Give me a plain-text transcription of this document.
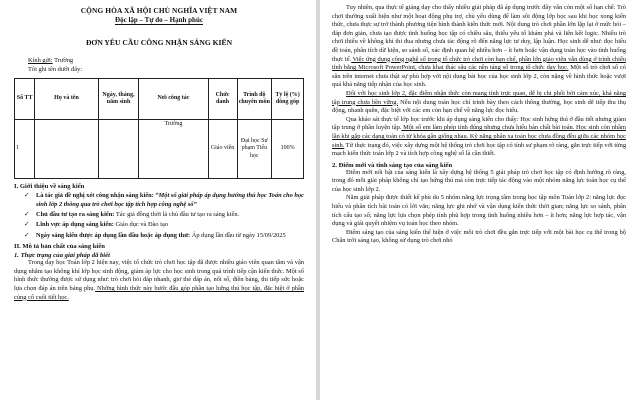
CỘNG HÒA XÃ HỘI CHỦ NGHĨA VIỆT NAM
Độc lập – Tự do – Hạnh phúc
ĐƠN YÊU CẦU CÔNG NHẬN SÁNG KIẾN

Kính gửi: Trường

Tôi ghi tên dưới đây:

Số TT	Họ và tên	Ngày, tháng, năm sinh	Nơi công tác	Chức danh	Trình độ chuyên môn	Tỷ lệ (%) đóng góp
1			Trường	Giáo viên	Đại học Sư phạm Tiểu học	100%
I. Giới thiệu về sáng kiến
✓ Là tác giả đề nghị xét công nhận sáng kiến: “Một số giải pháp áp dụng hướng thú học Toán cho học sinh lớp 2 thông qua trò chơi học tập tích hợp công nghệ số”
✓ Chủ đầu tư tạo ra sáng kiến: Tác giả đồng thời là chủ đầu tư tạo ra sáng kiến.
✓ Lĩnh vực áp dụng sáng kiến: Giáo dục và Đào tạo
✓ Ngày sáng kiến được áp dụng lần đầu hoặc áp dụng thử: Áp dụng lần đầu từ ngày 15/09/2025
II. Mô tả bản chất của sáng kiến
1. Thực trạng của giải pháp đã biết

Trong dạy học Toán lớp 2 hiện nay, việc tổ chức trò chơi học tập đã được nhiều giáo viên quan tâm và vận dụng nhằm tạo không khí lớp học sinh động, giảm áp lực cho học sinh trong quá trình tiếp cận kiến thức. Một số hình thức thường được sử dụng như: trò chơi hỏi đáp nhanh, giơ thẻ đáp án, nối số, điền bảng, thi tiếp sức hoặc lựa chọn đáp án trên bảng phụ. Những hình thức này bước đầu góp phần tạo hứng thú học tập, đặc biệt ở phần củng cố cuối tiết học.

Tuy nhiên, qua thực tế giảng dạy cho thấy nhiều giải pháp đã áp dụng trước đây vẫn còn một số hạn chế: Trò chơi thường xuất hiện như một hoạt động phụ trợ, chủ yếu dùng để làm sôi động lớp học sau khi học xong kiến thức, chưa thực sự trở thành phương tiện hình thành kiến thức mới. Nội dung trò chơi phần lớn lặp lại ở mức hỏi – đáp đơn giản, chưa tạo được tình huống học tập có chiều sâu, thiếu yếu tố khám phá và liên kết logic. Nhiều trò chơi thiếu về không khí thi đua nhưng chưa tác động rõ đến năng lực tư duy, lập luận. Học sinh dễ như: đọc hiểu đề toán, phân tích dữ kiện, so sánh số, xác định quan hệ nhiều hơn – ít hơn hoặc vận dụng toán học vào tình huống thực tế. Việc ứng dụng công nghệ số trong tổ chức trò chơi còn hạn chế, phần lớn giáo viên vẫn dùng ở trình chiếu tĩnh bằng Microsoft PowerPoint, chưa khai thác sâu các nền tảng số trong tổ chức dạy học. Một số trò chơi số có sẵn trên internet chưa thật sự phù hợp với nội dung bài học của học sinh lớp 2, còn nặng về hình thức hoặc vượt quá khả năng tiếp nhận của học sinh.

Đối với học sinh lớp 2, đặc điểm nhận thức còn mang tính trực quan, dễ bị chi phối bởi cảm xúc, khả năng tập trung chưa bền vững. Nếu nội dung toán học chỉ trình bày theo cách thông thường, học sinh dễ tiếp thu thụ động, nhanh quên, đặc biệt với các em còn hạn chế về năng lực đọc hiểu.

Qua khảo sát thực tế lớp học trước khi áp dụng sáng kiến cho thấy: Học sinh hứng thú ở đầu tiết nhưng giảm tập trung ở phần luyện tập. Một số em làm phép tính đúng nhưng chưa hiểu bản chất bài toán. Học sinh còn nhầm lẫn khi gặp các dạng toán có từ khóa gần giống nhau. Kỹ năng phân xa toán học chưa đồng đều giữa các nhóm học sinh. Từ thực trạng đó, việc xây dựng một hệ thống trò chơi học tập có tính sư phạm rõ ràng, gắn trực tiếp với từng mạch kiến thức toán lớp 2 và tích hợp công nghệ số là cần thiết.

2. Điểm mới và tính sáng tạo của sáng kiến

Điểm mới nổi bật của sáng kiến là xây dựng hệ thống 5 giải pháp trò chơi học tập có định hướng rõ ràng, trong đó mỗi giải pháp không chỉ tạo hứng thú mà còn trực tiếp tác động vào một nhóm năng lực toán học cụ thể của học sinh lớp 2.

Năm giải pháp được thiết kế phù du 5 nhóm năng lực trọng tâm trong học tập môn Toán lớp 2: năng lực đọc hiểu và phân tích bài toán có lời văn; năng lực ghi nhớ và vận dụng kiến thức thời gian; năng lực so sánh, phân tích cấu tạo số; năng lực lựa chọn phép tính phù hợp trong tình huống nhiều hơn – ít hơn; năng lực hợp tác, vận dụng và giải quyết nhiệm vụ toán học theo nhóm.

Điểm sáng tạo của sáng kiến thể hiện ở việc mỗi trò chơi đều gắn trực tiếp với một bài học cụ thể trong bộ Chân trời sáng tạo, không sử dụng trò chơi nhỏ
